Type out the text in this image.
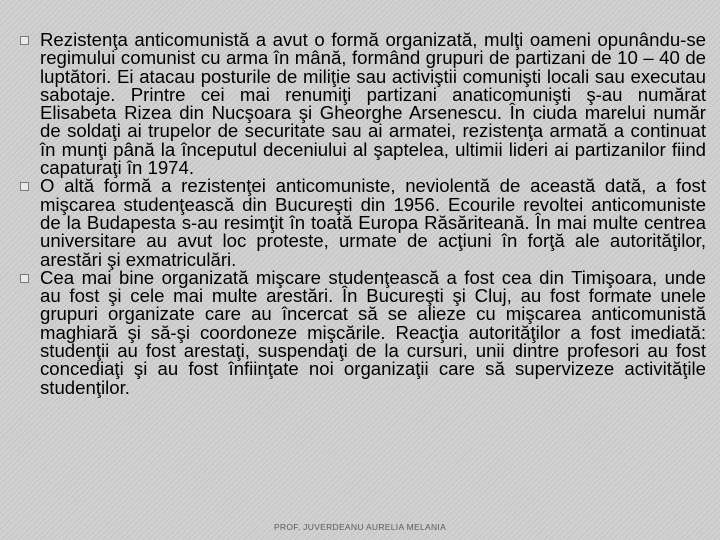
Rezistenţa anticomunistă a avut o formă organizată, mulţi oameni opunându-se regimului comunist cu arma în mână, formând grupuri de partizani de 10 – 40 de luptători. Ei atacau posturile de miliţie sau activiştii comunişti locali sau executau sabotaje. Printre cei mai renumiţi partizani anaticomunişti ş-au numărat Elisabeta Rizea din Nucşoara şi Gheorghe Arsenescu. În ciuda marelui număr de soldaţi ai trupelor de securitate sau ai armatei, rezistenţa armată a continuat în munţi până la începutul deceniului al şaptelea, ultimii lideri ai partizanilor fiind capaturaţi în 1974.

O altă formă a rezistenţei anticomuniste, neviolentă de această dată, a fost mişcarea studenţească din Bucureşti din 1956. Ecourile revoltei anticomuniste de la Budapesta s-au resimţit în toată Europa Răsăriteană. În mai multe centrea universitare au avut loc proteste, urmate de acţiuni în forţă ale autorităţilor, arestări şi exmatriculări.

Cea mai bine organizată mişcare studenţească a fost cea din Timişoara, unde au fost şi cele mai multe arestări. În Bucureşti şi Cluj, au fost formate unele grupuri organizate care au încercat să se alieze cu mişcarea anticomunistă maghiară şi să-şi coordoneze mişcările. Reacţia autorităţilor a fost imediată: studenţii au fost arestaţi, suspendaţi de la cursuri, unii dintre profesori au fost concediaţi şi au fost înfiinţate noi organizaţii care să supervizeze activităţile studenţilor.

PROF. JUVERDEANU AURELIA MELANIA
